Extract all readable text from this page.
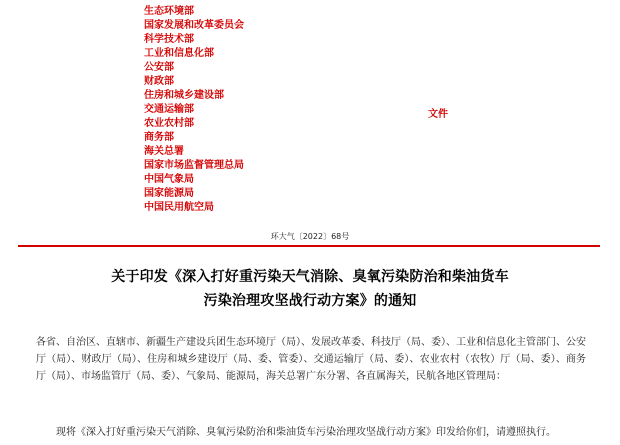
生态环境部
国家发展和改革委员会
科学技术部
工业和信息化部
公安部
财政部
住房和城乡建设部
交通运输部
农业农村部
商务部
海关总署
国家市场监督管理总局
中国气象局
国家能源局
中国民用航空局
文件
环大气〔2022〕68号
关于印发《深入打好重污染天气消除、臭氧污染防治和柴油货车
污染治理攻坚战行动方案》的通知
各省、自治区、直辖市、新疆生产建设兵团生态环境厅（局）、发展改革委、科技厅（局、委）、工业和信息化主管部门、公安厅（局）、财政厅（局）、住房和城乡建设厅（局、委、管委）、交通运输厅（局、委）、农业农村（农牧）厅（局、委）、商务厅（局）、市场监管厅（局、委）、气象局、能源局，海关总署广东分署、各直属海关，民航各地区管理局：
现将《深入打好重污染天气消除、臭氧污染防治和柴油货车污染治理攻坚战行动方案》印发给你们，请遵照执行。
